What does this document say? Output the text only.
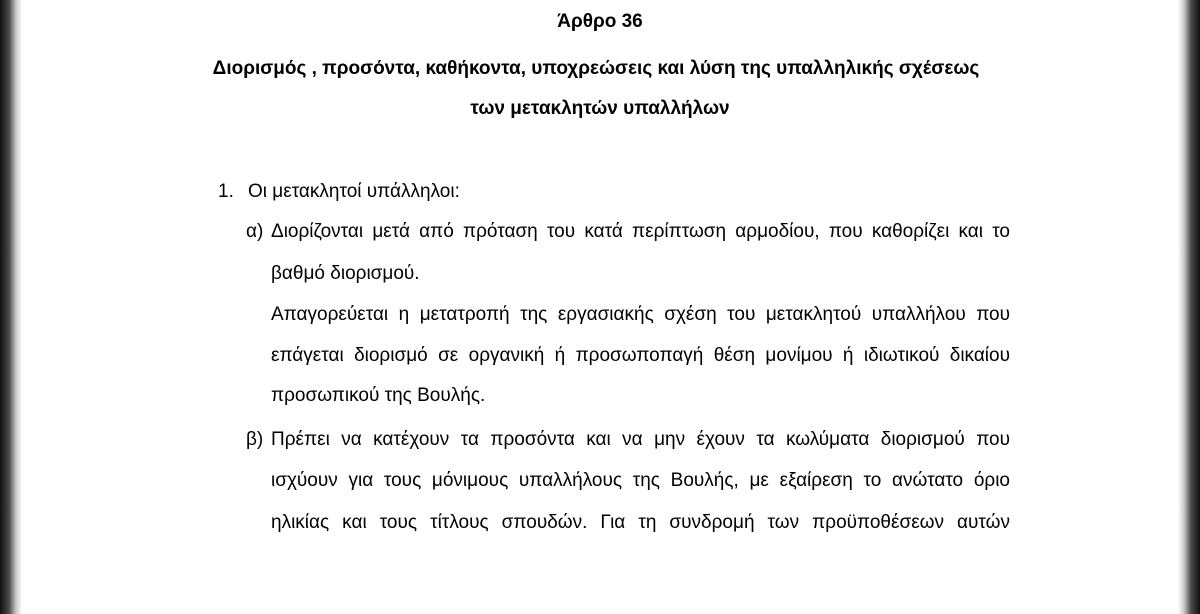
Άρθρο 36
Διορισμός , προσόντα, καθήκοντα, υποχρεώσεις και λύση της υπαλληλικής σχέσεως
των μετακλητών υπαλλήλων
1. Οι μετακλητοί υπάλληλοι:
α) Διορίζονται μετά από πρόταση του κατά περίπτωση αρμοδίου, που καθορίζει και το
βαθμό διορισμού.
Απαγορεύεται η μετατροπή της εργασιακής σχέση του μετακλητού υπαλλήλου που
επάγεται διορισμό σε οργανική ή προσωποπαγή θέση μονίμου ή ιδιωτικού δικαίου
προσωπικού της Βουλής.
β) Πρέπει να κατέχουν τα προσόντα και να μην έχουν τα κωλύματα διορισμού που
ισχύουν για τους μόνιμους υπαλλήλους της Βουλής, με εξαίρεση το ανώτατο όριο
ηλικίας και τους τίτλους σπουδών. Για τη συνδρομή των προϋποθέσεων αυτών
